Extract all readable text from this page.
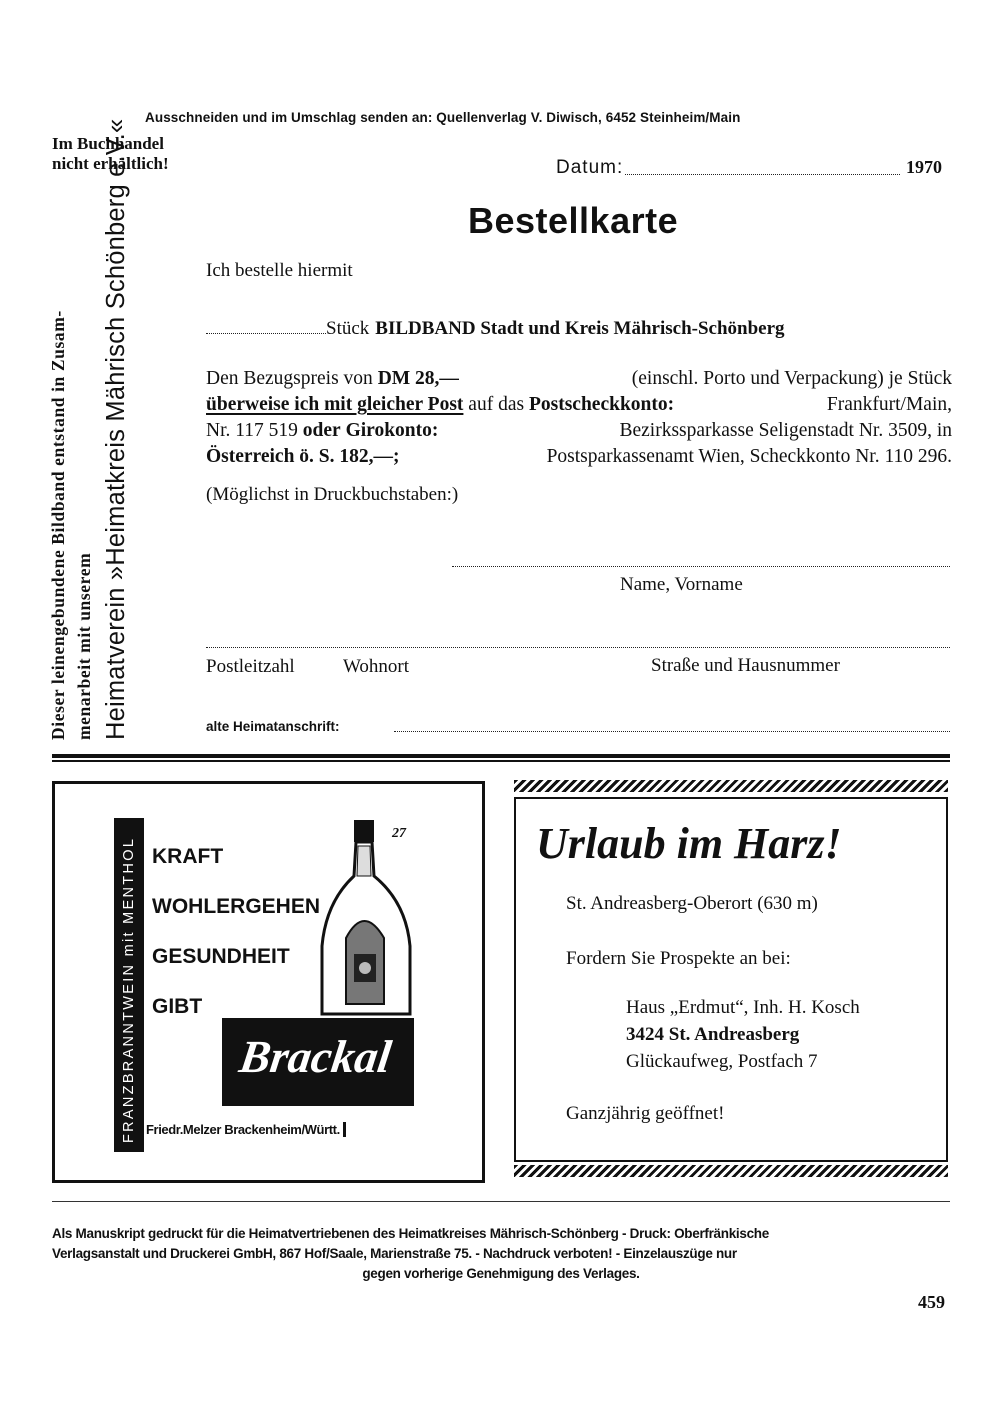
Ausschneiden und im Umschlag senden an: Quellenverlag V. Diwisch, 6452 Steinheim/Main
Im Buchhandel
nicht erhältlich!	Datum:	1970
Dieser leinengebundene Bildband entstand in Zusam- menarbeit mit unserem Heimatverein »Heimatkreis Mährisch Schönberg e.V.«	Bestellkarte
Ich bestelle hiermit
Stück BILDBAND Stadt und Kreis Mährisch-Schönberg
Den Bezugspreis von DM 28,—	(einschl. Porto und Verpackung) je Stück
überweise ich mit gleicher Post auf das Postscheckkonto:	Frankfurt/Main,
Nr. 117 519 oder Girokonto:	Bezirkssparkasse Seligenstadt Nr. 3509, in
Österreich ö. S. 182,—;	Postsparkassenamt Wien, Scheckkonto Nr. 110 296.
(Möglichst in Druckbuchstaben:)
Name, Vorname
Postleitzahl	Wohnort	Straße und Hausnummer
alte Heimatanschrift:
FRANZBRANNTWEIN mit MENTHOL KRAFT
WOHLERGEHEN
GESUNDHEIT
GIBT
27
Brackal
Friedr.Melzer Brackenheim/Württ.
Urlaub im Harz!
St. Andreasberg-Oberort (630 m)
Fordern Sie Prospekte an bei:
Haus „Erdmut“, Inh. H. Kosch
3424 St. Andreasberg
Glückaufweg, Postfach 7
Ganzjährig geöffnet!
Als Manuskript gedruckt für die Heimatvertriebenen des Heimatkreises Mährisch-Schönberg - Druck: Oberfränkische
Verlagsanstalt und Druckerei GmbH, 867 Hof/Saale, Marienstraße 75. - Nachdruck verboten! - Einzelauszüge nur
gegen vorherige Genehmigung des Verlages.
459
